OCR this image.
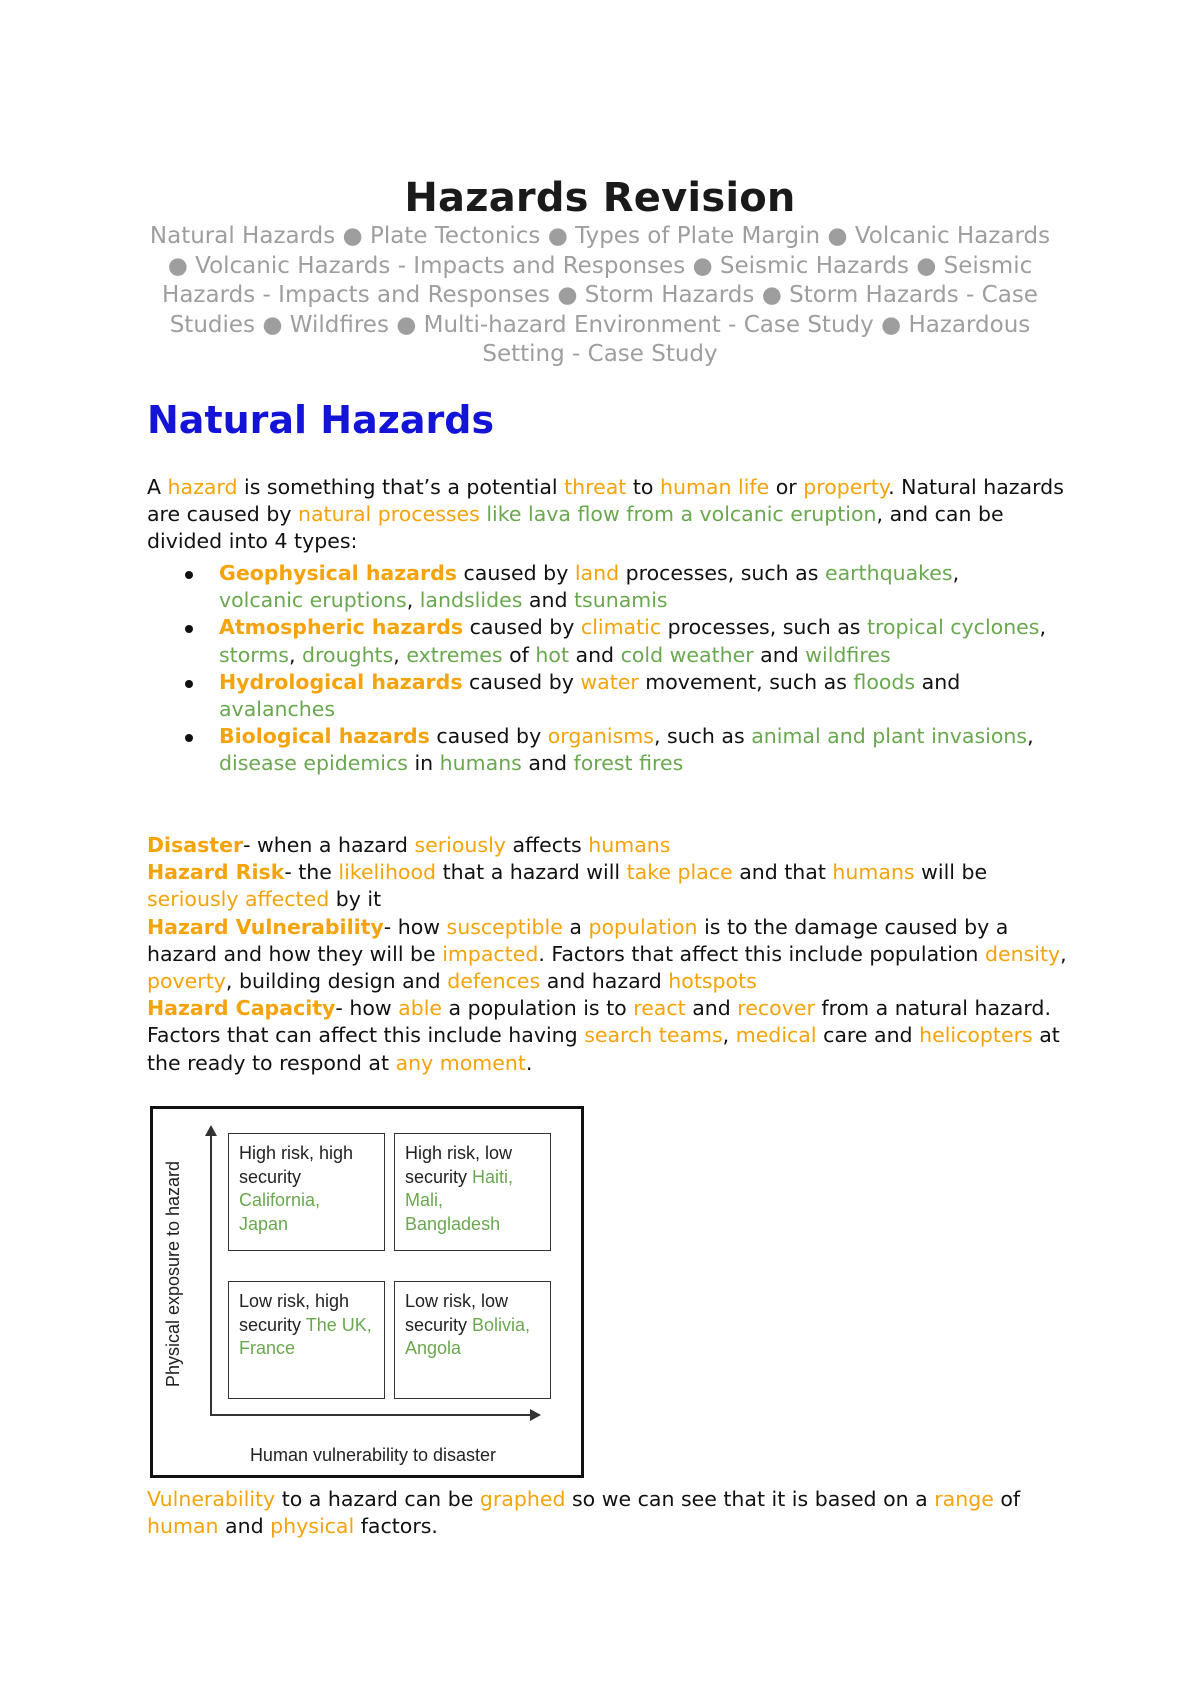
Hazards Revision
Natural Hazards ● Plate Tectonics ● Types of Plate Margin ● Volcanic Hazards ● Volcanic Hazards - Impacts and Responses ● Seismic Hazards ● Seismic Hazards - Impacts and Responses ● Storm Hazards ● Storm Hazards - Case Studies ● Wildfires ● Multi-hazard Environment - Case Study ● Hazardous Setting - Case Study
Natural Hazards

A hazard is something that’s a potential threat to human life or property. Natural hazards are caused by natural processes like lava flow from a volcanic eruption, and can be divided into 4 types:

Geophysical hazards caused by land processes, such as earthquakes, volcanic eruptions, landslides and tsunamis
Atmospheric hazards caused by climatic processes, such as tropical cyclones, storms, droughts, extremes of hot and cold weather and wildfires
Hydrological hazards caused by water movement, such as floods and avalanches
Biological hazards caused by organisms, such as animal and plant invasions, disease epidemics in humans and forest fires
Disaster- when a hazard seriously affects humans
Hazard Risk- the likelihood that a hazard will take place and that humans will be seriously affected by it
Hazard Vulnerability- how susceptible a population is to the damage caused by a hazard and how they will be impacted. Factors that affect this include population density, poverty, building design and defences and hazard hotspots
Hazard Capacity- how able a population is to react and recover from a natural hazard. Factors that can affect this include having search teams, medical care and helicopters at the ready to respond at any moment.
Physical exposure to hazard
Human vulnerability to disaster
High risk, high security California, Japan
High risk, low security Haiti, Mali, Bangladesh
Low risk, high security The UK, France
Low risk, low security Bolivia, Angola

Vulnerability to a hazard can be graphed so we can see that it is based on a range of human and physical factors.
